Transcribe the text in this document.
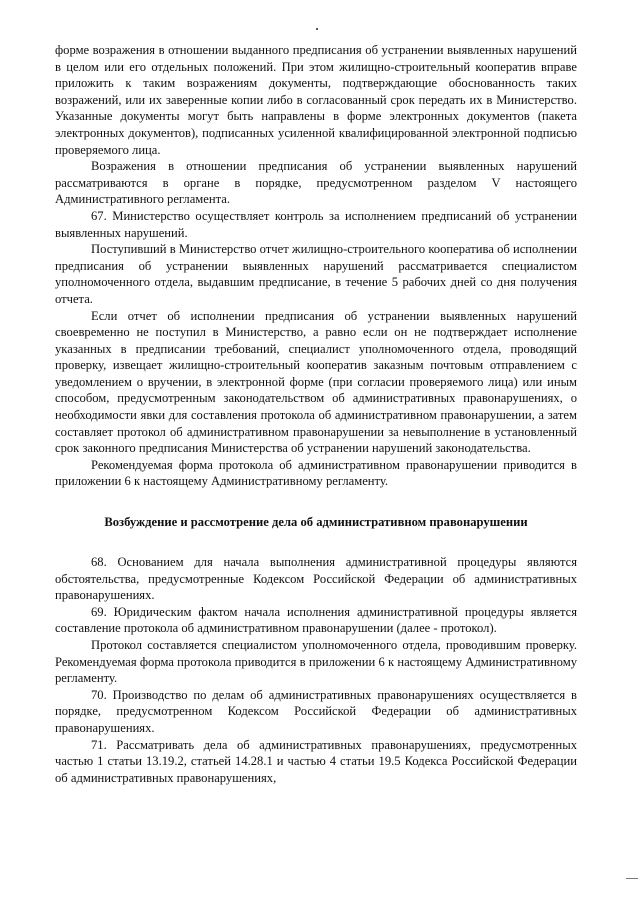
форме возражения в отношении выданного предписания об устранении выявленных нарушений в целом или его отдельных положений. При этом жилищно-строительный кооператив вправе приложить к таким возражениям документы, подтверждающие обоснованность таких возражений, или их заверенные копии либо в согласованный срок передать их в Министерство. Указанные документы могут быть направлены в форме электронных документов (пакета электронных документов), подписанных усиленной квалифицированной электронной подписью проверяемого лица.

Возражения в отношении предписания об устранении выявленных нарушений рассматриваются в органе в порядке, предусмотренном разделом V настоящего Административного регламента.

67. Министерство осуществляет контроль за исполнением предписаний об устранении выявленных нарушений.

Поступивший в Министерство отчет жилищно-строительного кооператива об исполнении предписания об устранении выявленных нарушений рассматривается специалистом уполномоченного отдела, выдавшим предписание, в течение 5 рабочих дней со дня получения отчета.

Если отчет об исполнении предписания об устранении выявленных нарушений своевременно не поступил в Министерство, а равно если он не подтверждает исполнение указанных в предписании требований, специалист уполномоченного отдела, проводящий проверку, извещает жилищно-строительный кооператив заказным почтовым отправлением с уведомлением о вручении, в электронной форме (при согласии проверяемого лица) или иным способом, предусмотренным законодательством об административных правонарушениях, о необходимости явки для составления протокола об административном правонарушении, а затем составляет протокол об административном правонарушении за невыполнение в установленный срок законного предписания Министерства об устранении нарушений законодательства.

Рекомендуемая форма протокола об административном правонарушении приводится в приложении 6 к настоящему Административному регламенту.

Возбуждение и рассмотрение дела об административном правонарушении

68. Основанием для начала выполнения административной процедуры являются обстоятельства, предусмотренные Кодексом Российской Федерации об административных правонарушениях.

69. Юридическим фактом начала исполнения административной процедуры является составление протокола об административном правонарушении (далее - протокол).

Протокол составляется специалистом уполномоченного отдела, проводившим проверку. Рекомендуемая форма протокола приводится в приложении 6 к настоящему Административному регламенту.

70. Производство по делам об административных правонарушениях осуществляется в порядке, предусмотренном Кодексом Российской Федерации об административных правонарушениях.

71. Рассматривать дела об административных правонарушениях, предусмотренных частью 1 статьи 13.19.2, статьей 14.28.1 и частью 4 статьи 19.5 Кодекса Российской Федерации об административных правонарушениях,
